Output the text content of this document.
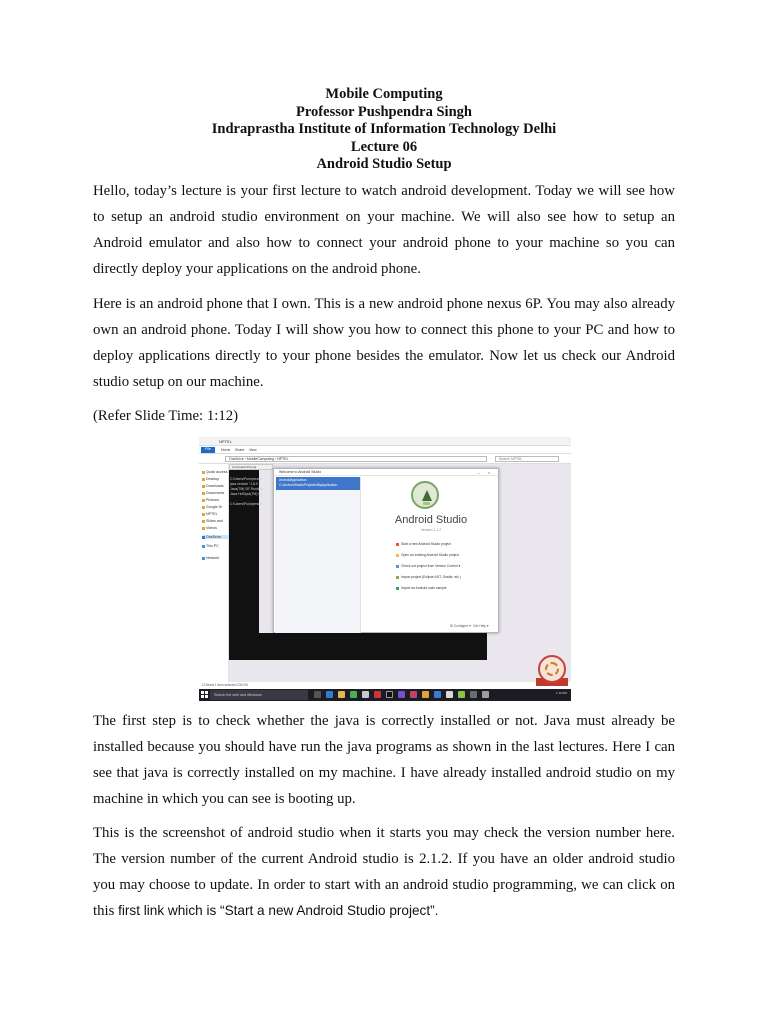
Mobile Computing
Professor Pushpendra Singh
Indraprastha Institute of Information Technology Delhi
Lecture 06
Android Studio Setup

Hello, today’s lecture is your first lecture to watch android development. Today we will see how to setup an android studio environment on your machine. We will also see how to setup an Android emulator and also how to connect your android phone to your machine so you can directly deploy your applications on the android phone.

Here is an android phone that I own. This is a new android phone nexus 6P. You may also already own an android phone. Today I will show you how to connect this phone to your PC and how to deploy applications directly to your phone besides the emulator. Now let us check our Android studio setup on our machine.

(Refer Slide Time: 1:12)

NPTEL
File	Home Share View
OneDrive › MobileComputing › NPTEL	Search NPTEL
Quick access
Desktop
Downloads
Documents
Pictures
Google Dr
NPTEL
Slides and
Videos
OneDrive
This PC
Network
C:\Users\Pushpendra
java version "1.8.0
Java(TM) SE Runtime
Java HotSpot(TM) 64
C:\Users\Pushpendra
Command Prompt
Welcome to Android Studio	– ×
AndroidApplication
C:\AndroidStudioProjects\MyApplication
Android Studio
Version 2.1.2
Start a new Android Studio project
Open an existing Android Studio project
Check out project from Version Control ▾
Import project (Eclipse ADT, Gradle, etc.)
Import an Android code sample
⚙ Configure ▾ Get Help ▾
12 items 1 item selected 233 KB
Search the web and Windows	1:12 PM

The first step is to check whether the java is correctly installed or not. Java must already be installed because you should have run the java programs as shown in the last lectures. Here I can see that java is correctly installed on my machine. I have already installed android studio on my machine in which you can see is booting up.

This is the screenshot of android studio when it starts you may check the version number here. The version number of the current Android studio is 2.1.2. If you have an older android studio you may choose to update. In order to start with an android studio programming, we can click on this first link which is “Start a new Android Studio project”.
